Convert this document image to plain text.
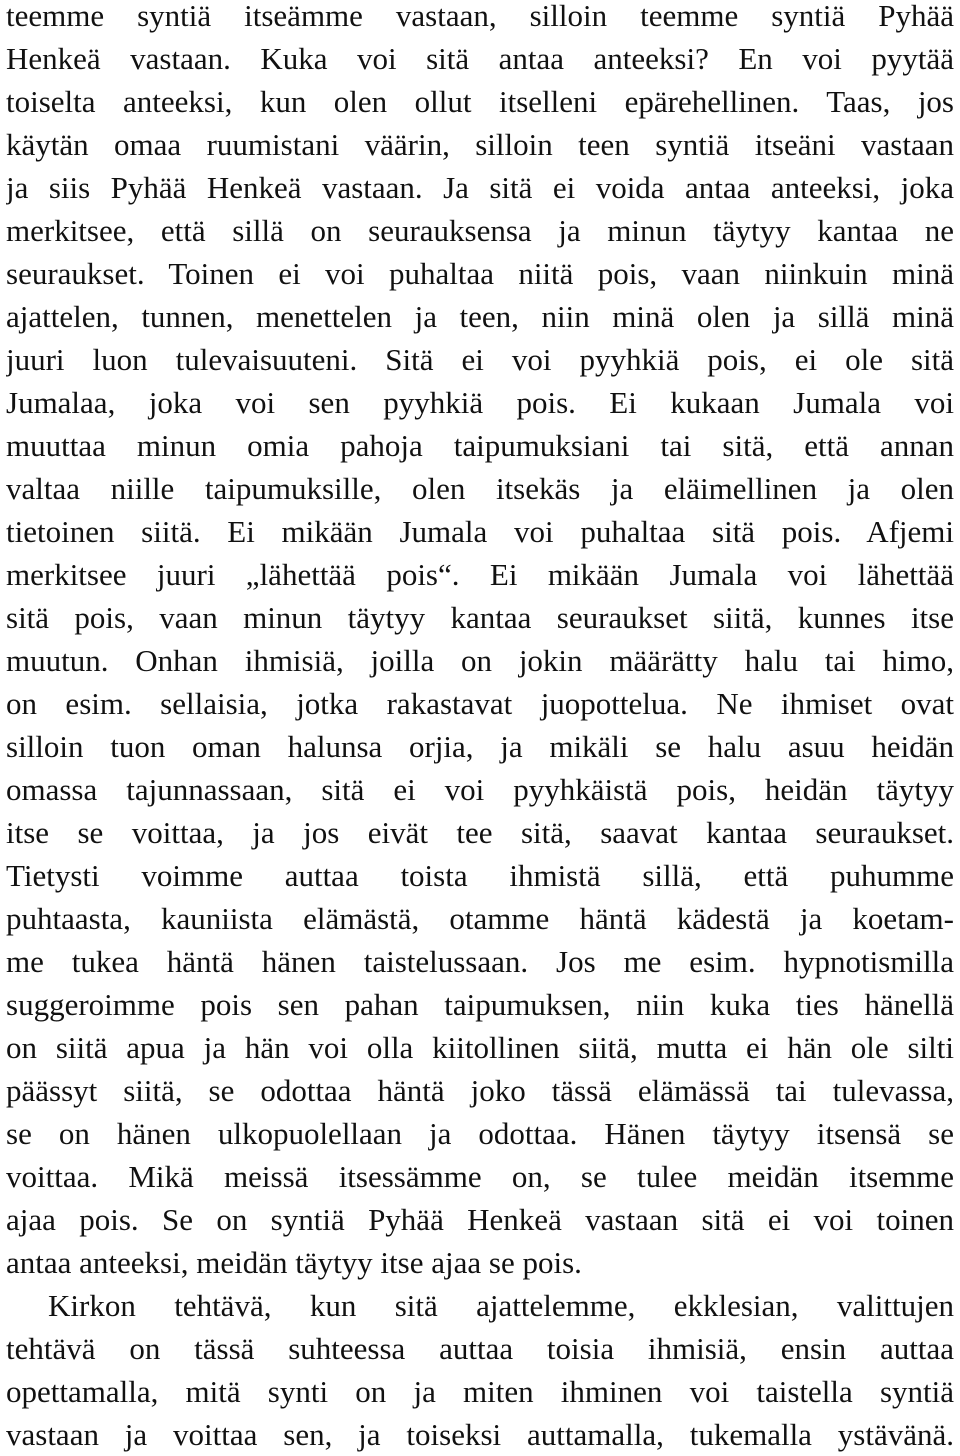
teemme syntiä itseämme vastaan, silloin teemme syntiä Pyhää
Henkeä vastaan. Kuka voi sitä antaa anteeksi? En voi pyytää
toiselta anteeksi, kun olen ollut itselleni epärehellinen. Taas, jos
käytän omaa ruumistani väärin, silloin teen syntiä itseäni vastaan
ja siis Pyhää Henkeä vastaan. Ja sitä ei voida antaa anteeksi, joka
merkitsee, että sillä on seurauksensa ja minun täytyy kantaa ne
seuraukset. Toinen ei voi puhaltaa niitä pois, vaan niinkuin minä
ajattelen, tunnen, menettelen ja teen, niin minä olen ja sillä minä
juuri luon tulevaisuuteni. Sitä ei voi pyyhkiä pois, ei ole sitä
Jumalaa, joka voi sen pyyhkiä pois. Ei kukaan Jumala voi
muuttaa minun omia pahoja taipumuksiani tai sitä, että annan
valtaa niille taipumuksille, olen itsekäs ja eläimellinen ja olen
tietoinen siitä. Ei mikään Jumala voi puhaltaa sitä pois. Afjemi
merkitsee juuri „lähettää pois“. Ei mikään Jumala voi lähettää
sitä pois, vaan minun täytyy kantaa seuraukset siitä, kunnes itse
muutun. Onhan ihmisiä, joilla on jokin määrätty halu tai himo,
on esim. sellaisia, jotka rakastavat juopottelua. Ne ihmiset ovat
silloin tuon oman halunsa orjia, ja mikäli se halu asuu heidän
omassa tajunnassaan, sitä ei voi pyyhkäistä pois, heidän täytyy
itse se voittaa, ja jos eivät tee sitä, saavat kantaa seuraukset.
Tietysti voimme auttaa toista ihmistä sillä, että puhumme
puhtaasta, kauniista elämästä, otamme häntä kädestä ja koetam-
me tukea häntä hänen taistelussaan. Jos me esim. hypnotismilla
suggeroimme pois sen pahan taipumuksen, niin kuka ties hänellä
on siitä apua ja hän voi olla kiitollinen siitä, mutta ei hän ole silti
päässyt siitä, se odottaa häntä joko tässä elämässä tai tulevassa,
se on hänen ulkopuolellaan ja odottaa. Hänen täytyy itsensä se
voittaa. Mikä meissä itsessämme on, se tulee meidän itsemme
ajaa pois. Se on syntiä Pyhää Henkeä vastaan sitä ei voi toinen
antaa anteeksi, meidän täytyy itse ajaa se pois.
Kirkon tehtävä, kun sitä ajattelemme, ekklesian, valittujen
tehtävä on tässä suhteessa auttaa toisia ihmisiä, ensin auttaa
opettamalla, mitä synti on ja miten ihminen voi taistella syntiä
vastaan ja voittaa sen, ja toiseksi auttamalla, tukemalla ystävänä.
